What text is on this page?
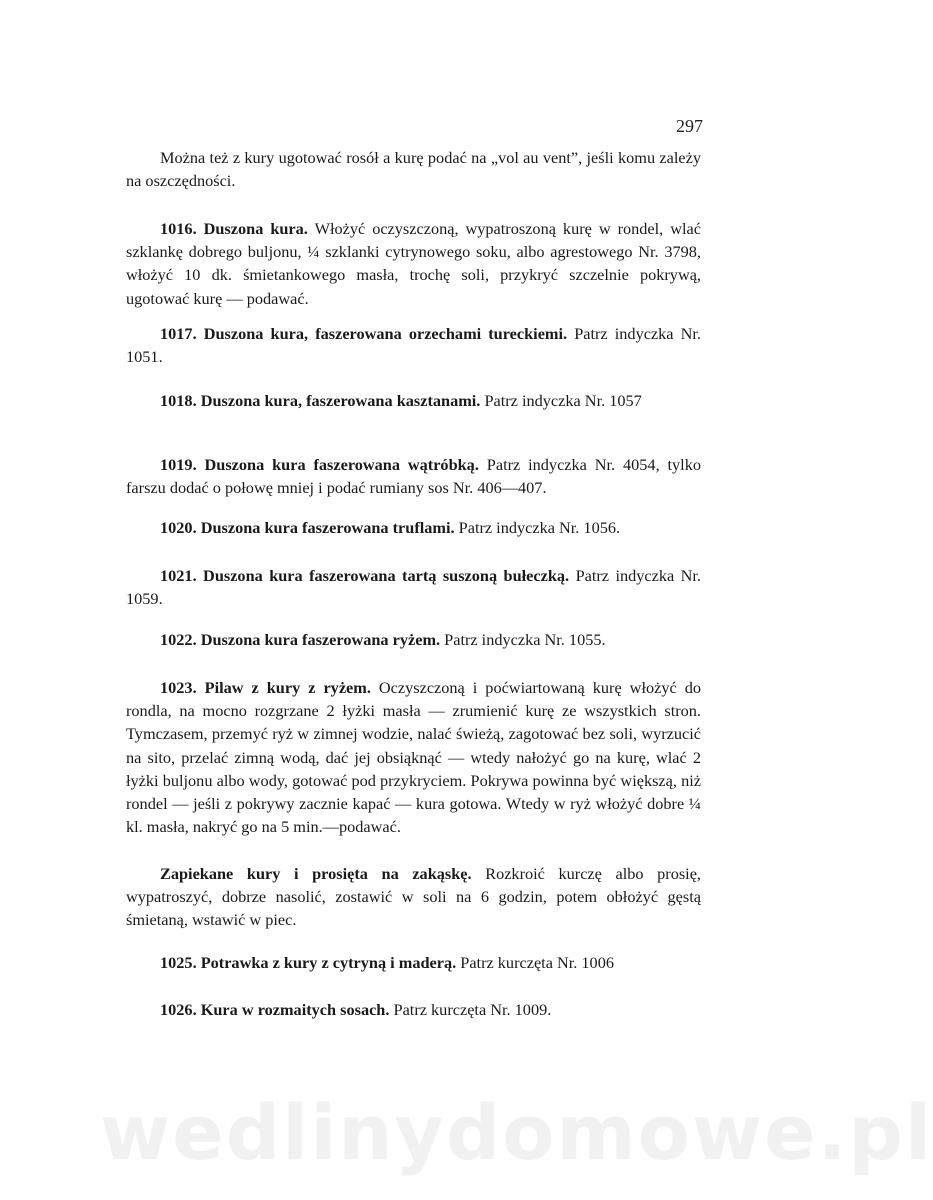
297

Można też z kury ugotować rosół a kurę podać na „vol au vent”, jeśli komu zależy na oszczędności.

1016. Duszona kura. Włożyć oczyszczoną, wypatroszoną kurę w rondel, wlać szklankę dobrego buljonu, ¼ szklanki cytrynowego soku, albo agrestowego Nr. 3798, włożyć 10 dk. śmietankowego masła, trochę soli, przykryć szczelnie pokrywą, ugotować kurę — podawać.

1017. Duszona kura, faszerowana orzechami tureckiemi. Patrz indyczka Nr. 1051.

1018. Duszona kura, faszerowana kasztanami. Patrz indyczka Nr. 1057

1019. Duszona kura faszerowana wątróbką. Patrz indyczka Nr. 4054, tylko farszu dodać o połowę mniej i podać rumiany sos Nr. 406—407.

1020. Duszona kura faszerowana truflami. Patrz indyczka Nr. 1056.

1021. Duszona kura faszerowana tartą suszoną bułeczką. Patrz indyczka Nr. 1059.

1022. Duszona kura faszerowana ryżem. Patrz indyczka Nr. 1055.

1023. Pilaw z kury z ryżem. Oczyszczoną i poćwiartowaną kurę włożyć do rondla, na mocno rozgrzane 2 łyżki masła — zrumienić kurę ze wszystkich stron. Tymczasem, przemyć ryż w zimnej wodzie, nalać świeżą, zagotować bez soli, wyrzucić na sito, przelać zimną wodą, dać jej obsiąknąć — wtedy nałożyć go na kurę, wlać 2 łyżki buljonu albo wody, gotować pod przykryciem. Pokrywa powinna być większą, niż rondel — jeśli z pokrywy zacznie kapać — kura gotowa. Wtedy w ryż włożyć dobre ¼ kl. masła, nakryć go na 5 min.—podawać.

Zapiekane kury i prosięta na zakąskę. Rozkroić kurczę albo prosię, wypatroszyć, dobrze nasolić, zostawić w soli na 6 godzin, potem obłożyć gęstą śmietaną, wstawić w piec.

1025. Potrawka z kury z cytryną i maderą. Patrz kurczęta Nr. 1006

1026. Kura w rozmaitych sosach. Patrz kurczęta Nr. 1009.

wedlinydomowe.pl
